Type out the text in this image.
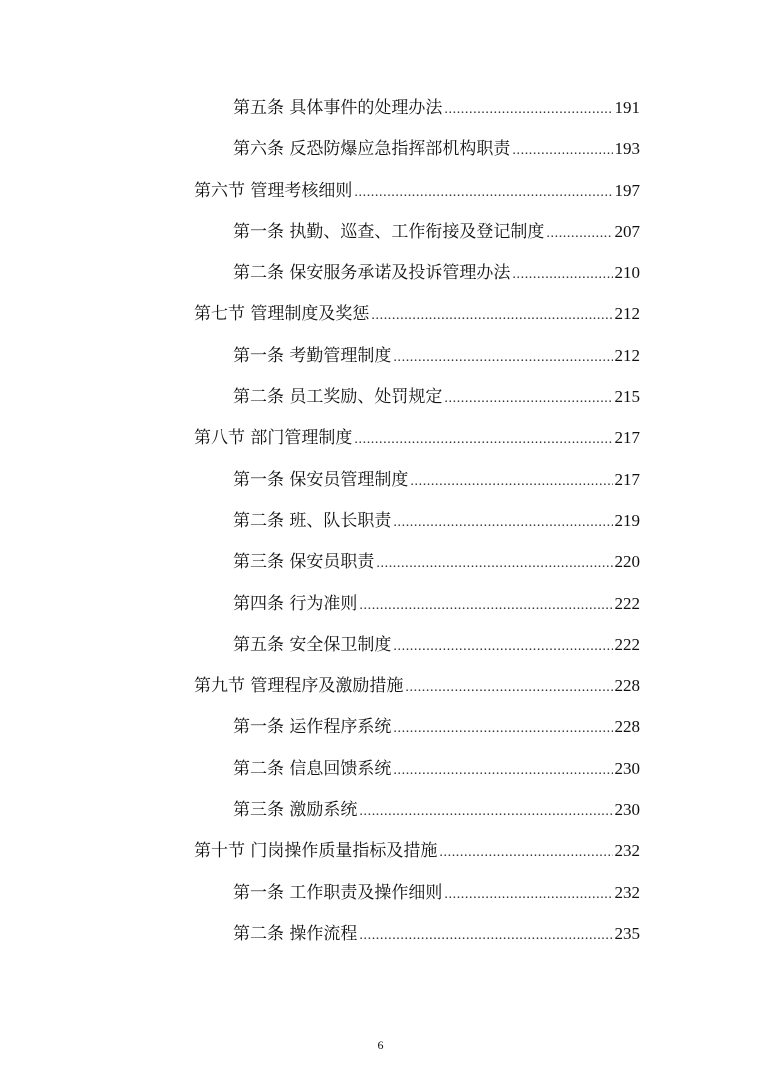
第五条 具体事件的处理办法 .....	191
第六条 反恐防爆应急指挥部机构职责 .....	193
第六节 管理考核细则 .....	197
第一条 执勤、巡查、工作衔接及登记制度 .....	207
第二条 保安服务承诺及投诉管理办法 .....	210
第七节 管理制度及奖惩 .....	212
第一条 考勤管理制度 .....	212
第二条 员工奖励、处罚规定 .....	215
第八节 部门管理制度 .....	217
第一条 保安员管理制度 .....	217
第二条 班、队长职责 .....	219
第三条 保安员职责 .....	220
第四条 行为准则 .....	222
第五条 安全保卫制度 .....	222
第九节 管理程序及激励措施 .....	228
第一条 运作程序系统 .....	228
第二条 信息回馈系统 .....	230
第三条 激励系统 .....	230
第十节 门岗操作质量指标及措施 .....	232
第一条 工作职责及操作细则 .....	232
第二条 操作流程 .....	235
6
